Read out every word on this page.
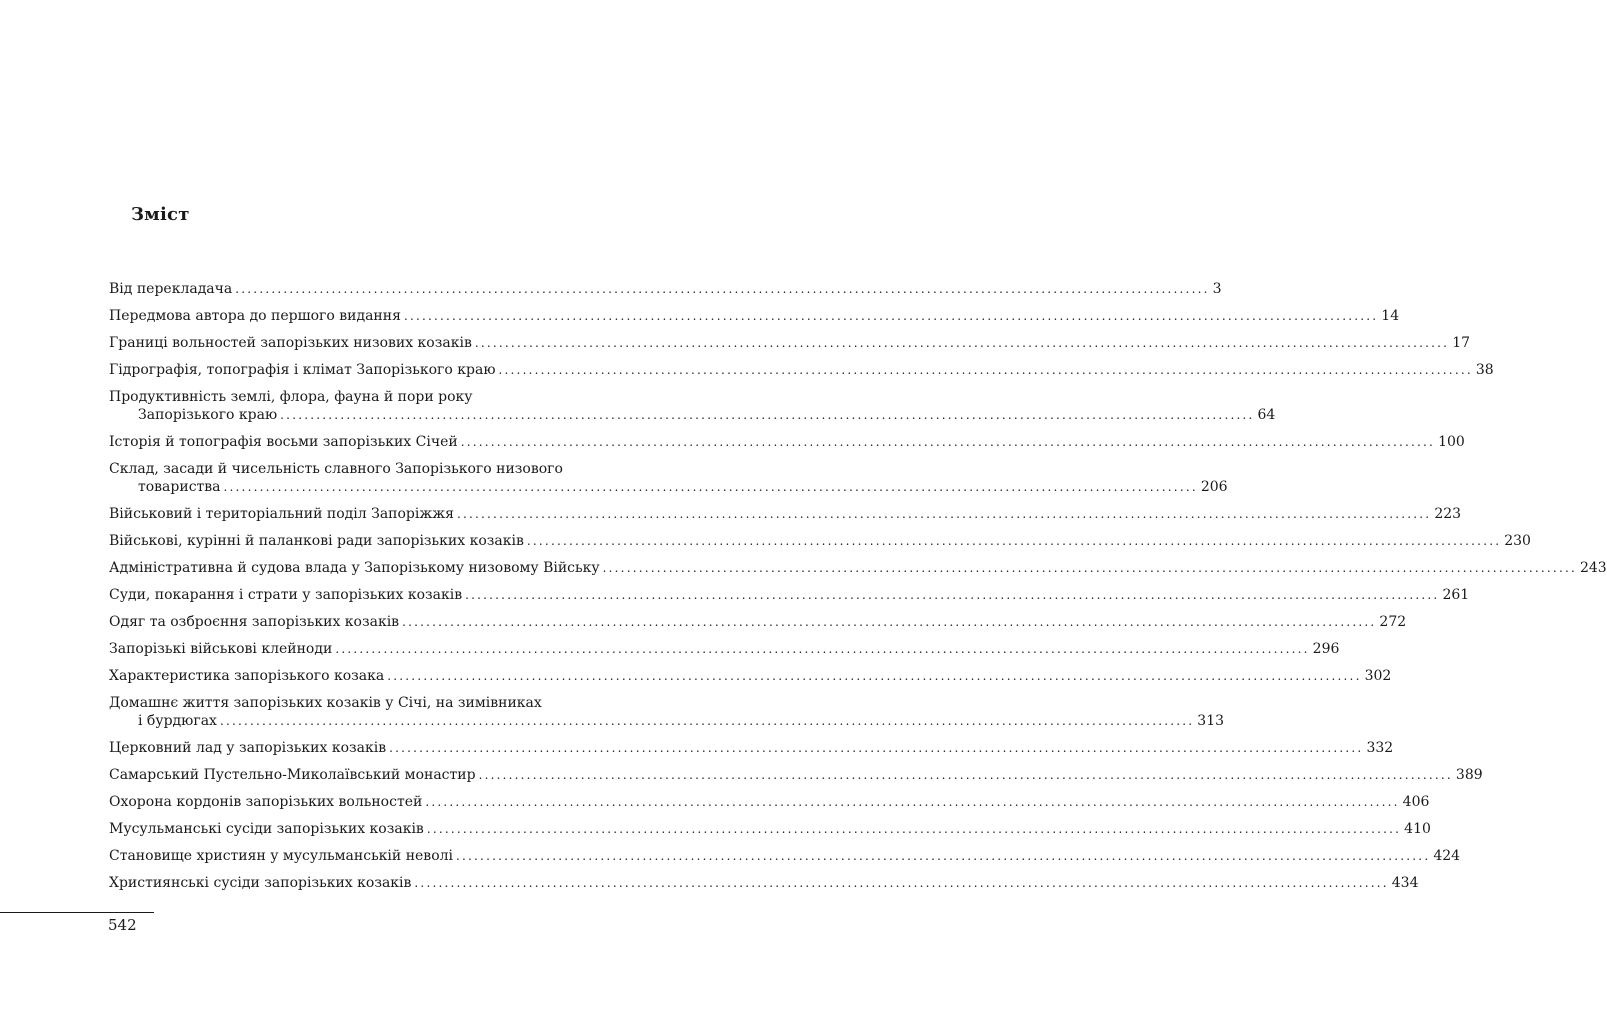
Зміст
Від перекладача .....	3
Передмова автора до першого видання .....	14
Границі вольностей запорізьких низових козаків .....	17
Гідрографія, топографія і клімат Запорізького краю .....	38
Продуктивність землі, флора, фауна й пори року
Запорізького краю .....	64
Історія й топографія восьми запорізьких Січей .....	100
Склад, засади й чисельність славного Запорізького низового
товариства .....	206
Військовий і територіальний поділ Запоріжжя .....	223
Військові, курінні й паланкові ради запорізьких козаків .....	230
Адміністративна й судова влада у Запорізькому низовому Війську .....	243
Суди, покарання і страти у запорізьких козаків .....	261
Одяг та озброєння запорізьких козаків .....	272
Запорізькі військові клейноди .....	296
Характеристика запорізького козака .....	302
Домашнє життя запорізьких козаків у Січі, на зимівниках
і бурдюгах .....	313
Церковний лад у запорізьких козаків .....	332
Самарський Пустельно-Миколаївський монастир .....	389
Охорона кордонів запорізьких вольностей .....	406
Мусульманські сусіди запорізьких козаків .....	410
Становище християн у мусульманській неволі .....	424
Християнські сусіди запорізьких козаків .....	434
542
